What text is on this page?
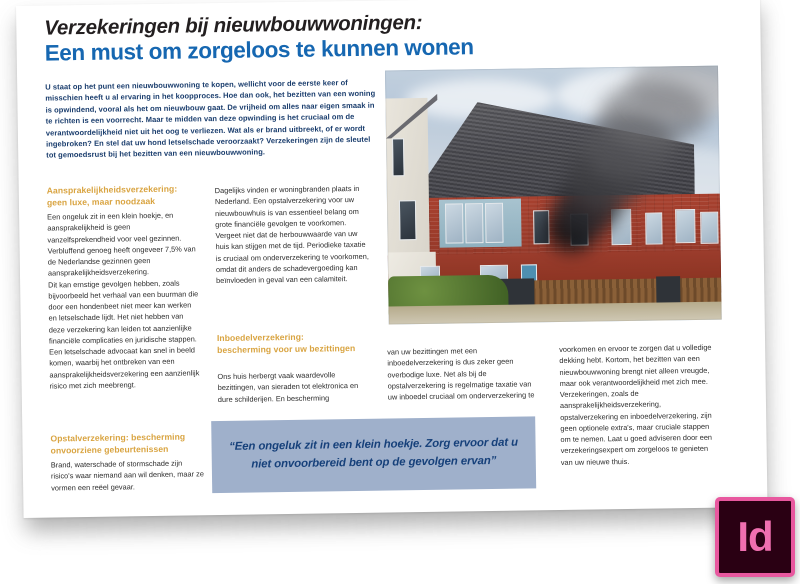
Verzekeringen bij nieuwbouwwoningen:
Een must om zorgeloos te kunnen wonen
U staat op het punt een nieuwbouwwoning te kopen, wellicht voor de eerste keer of misschien heeft u al ervaring in het koopproces. Hoe dan ook, het bezitten van een woning is opwindend, vooral als het om nieuwbouw gaat. De vrijheid om alles naar eigen smaak in te richten is een voorrecht. Maar te midden van deze opwinding is het cruciaal om de verantwoordelijkheid niet uit het oog te verliezen. Wat als er brand uitbreekt, of er wordt ingebroken? En stel dat uw hond letselschade veroorzaakt? Verzekeringen zijn de sleutel tot gemoedsrust bij het bezitten van een nieuwbouwwoning.
Aansprakelijkheidsverzekering: geen luxe, maar noodzaak
Een ongeluk zit in een klein hoekje, en aansprakelijkheid is geen vanzelfsprekendheid voor veel gezinnen. Verbluffend genoeg heeft ongeveer 7,5% van de Nederlandse gezinnen geen aansprakelijkheidsverzekering.
Dit kan ernstige gevolgen hebben, zoals bijvoorbeeld het verhaal van een buurman die door een hondenbeet niet meer kan werken en letselschade lijdt. Het niet hebben van deze verzekering kan leiden tot aanzienlijke financiële complicaties en juridische stappen.
Een letselschade advocaat kan snel in beeld komen, waarbij het ontbreken van een aansprakelijkheidsverzekering een aanzienlijk risico met zich meebrengt.
Opstalverzekering: bescherming onvoorziene gebeurtenissen
Brand, waterschade of stormschade zijn risico's waar niemand aan wil denken, maar ze vormen een reëel gevaar.
Dagelijks vinden er woningbranden plaats in Nederland. Een opstalverzekering voor uw nieuwbouwhuis is van essentieel belang om grote financiële gevolgen te voorkomen. Vergeet niet dat de herbouwwaarde van uw huis kan stijgen met de tijd. Periodieke taxatie is cruciaal om onderverzekering te voorkomen, omdat dit anders de schadevergoeding kan beïnvloeden in geval van een calamiteit.
Inboedelverzekering: bescherming voor uw bezittingen
Ons huis herbergt vaak waardevolle bezittingen, van sieraden tot elektronica en dure schilderijen. En bescherming
van uw bezittingen met een inboedelverzekering is dus zeker geen overbodige luxe. Net als bij de opstalverzekering is regelmatige taxatie van uw inboedel cruciaal om onderverzekering te
voorkomen en ervoor te zorgen dat u volledige dekking hebt. Kortom, het bezitten van een nieuwbouwwoning brengt niet alleen vreugde, maar ook verantwoordelijkheid met zich mee. Verzekeringen, zoals de aansprakelijkheidsverzekering, opstalverzekering en inboedelverzekering, zijn geen optionele extra's, maar cruciale stappen om te nemen. Laat u goed adviseren door een verzekeringsexpert om zorgeloos te genieten van uw nieuwe thuis.
“Een ongeluk zit in een klein hoekje. Zorg ervoor dat u niet onvoorbereid bent op de gevolgen ervan”
Id
